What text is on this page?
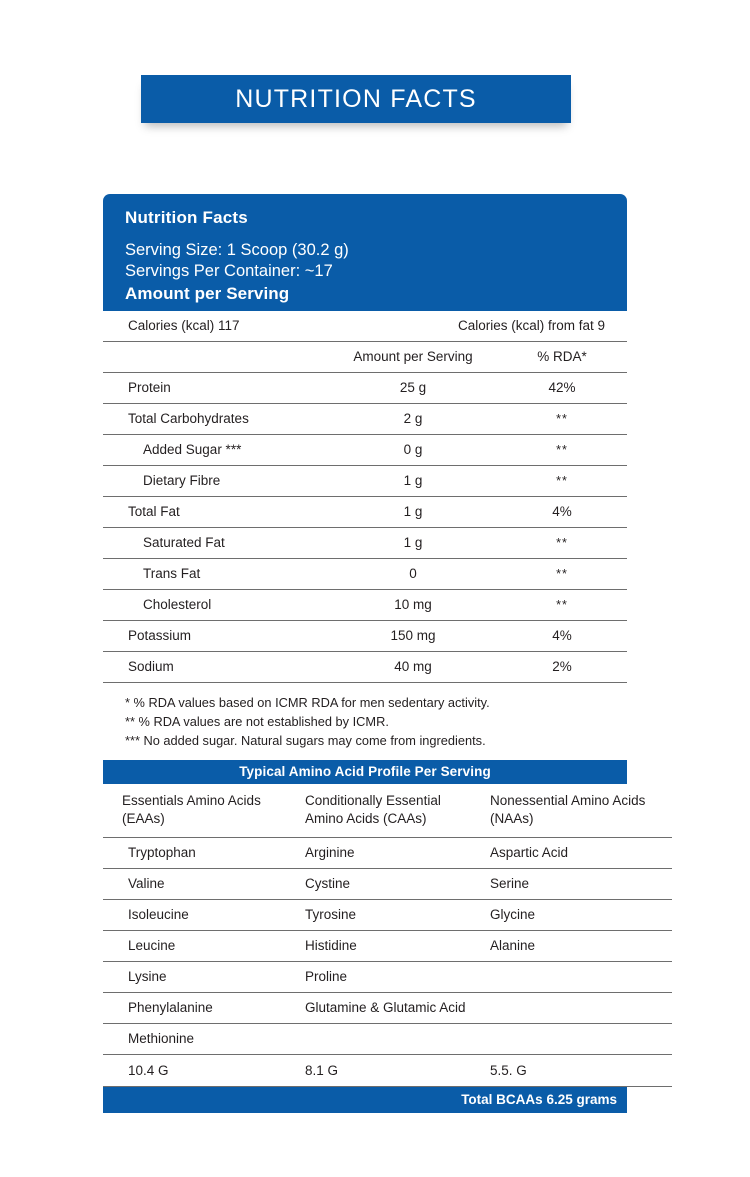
NUTRITION FACTS
Nutrition Facts
Serving Size: 1 Scoop (30.2 g)
Servings Per Container: ~17
Amount per Serving
Calories (kcal) 117	Calories (kcal) from fat 9
	Amount per Serving	% RDA*
Protein	25 g	42%
Total Carbohydrates	2 g	**
Added Sugar ***	0 g	**
Dietary Fibre	1 g	**
Total Fat	1 g	4%
Saturated Fat	1 g	**
Trans Fat	0	**
Cholesterol	10 mg	**
Potassium	150 mg	4%
Sodium	40 mg	2%
* % RDA values based on ICMR RDA for men sedentary activity.
** % RDA values are not established by ICMR.
*** No added sugar. Natural sugars may come from ingredients.
Typical Amino Acid Profile Per Serving
Essentials Amino Acids (EAAs)	Conditionally Essential Amino Acids (CAAs)	Nonessential Amino Acids (NAAs)
Tryptophan	Arginine	Aspartic Acid
Valine	Cystine	Serine
Isoleucine	Tyrosine	Glycine
Leucine	Histidine	Alanine
Lysine	Proline	
Phenylalanine	Glutamine & Glutamic Acid	
Methionine		
10.4 G	8.1 G	5.5. G
Total BCAAs 6.25 grams
